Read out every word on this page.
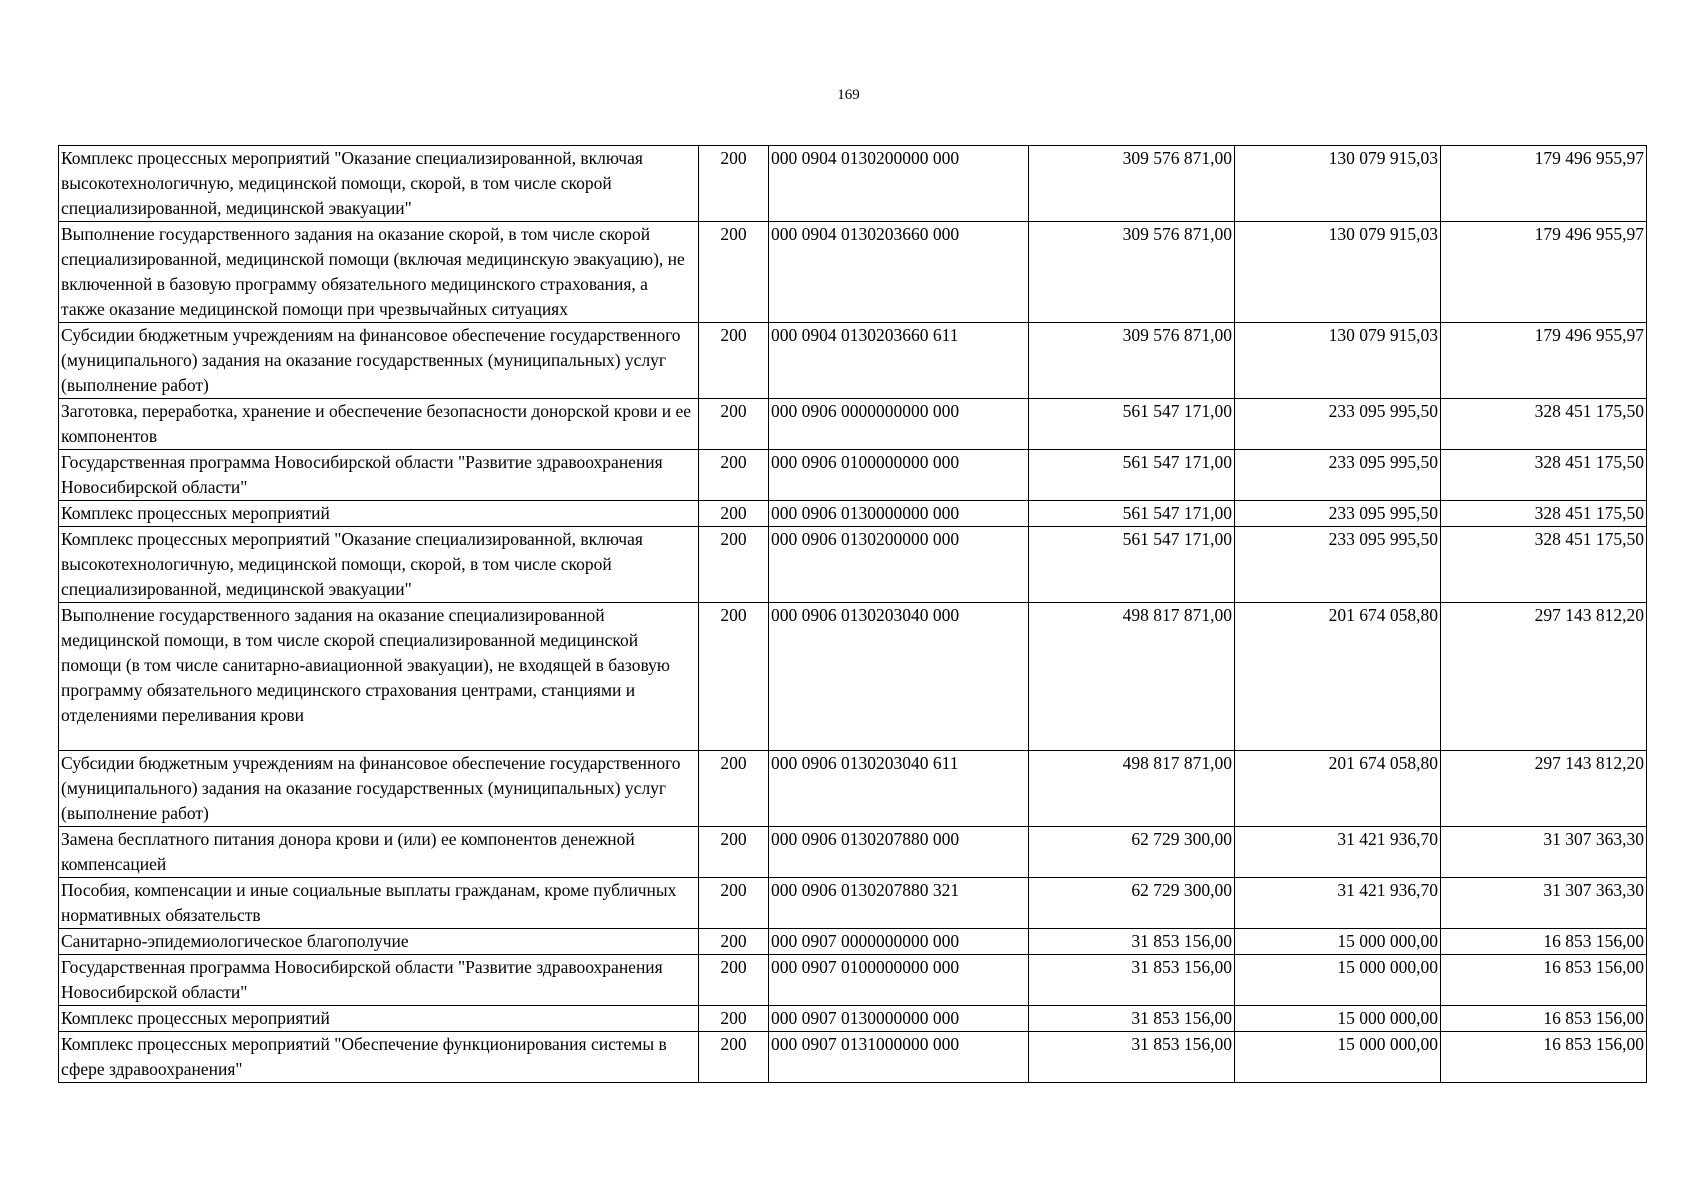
169
Комплекс процессных мероприятий "Оказание специализированной, включая высокотехнологичную, медицинской помощи, скорой, в том числе скорой специализированной, медицинской эвакуации"	200	000 0904 0130200000 000	309 576 871,00	130 079 915,03	179 496 955,97
Выполнение государственного задания на оказание скорой, в том числе скорой специализированной, медицинской помощи (включая медицинскую эвакуацию), не включенной в базовую программу обязательного медицинского страхования, а также оказание медицинской помощи при чрезвычайных ситуациях	200	000 0904 0130203660 000	309 576 871,00	130 079 915,03	179 496 955,97
Субсидии бюджетным учреждениям на финансовое обеспечение государственного (муниципального) задания на оказание государственных (муниципальных) услуг (выполнение работ)	200	000 0904 0130203660 611	309 576 871,00	130 079 915,03	179 496 955,97
Заготовка, переработка, хранение и обеспечение безопасности донорской крови и ее компонентов	200	000 0906 0000000000 000	561 547 171,00	233 095 995,50	328 451 175,50
Государственная программа Новосибирской области "Развитие здравоохранения Новосибирской области"	200	000 0906 0100000000 000	561 547 171,00	233 095 995,50	328 451 175,50
Комплекс процессных мероприятий	200	000 0906 0130000000 000	561 547 171,00	233 095 995,50	328 451 175,50
Комплекс процессных мероприятий "Оказание специализированной, включая высокотехнологичную, медицинской помощи, скорой, в том числе скорой специализированной, медицинской эвакуации"	200	000 0906 0130200000 000	561 547 171,00	233 095 995,50	328 451 175,50
Выполнение государственного задания на оказание специализированной медицинской помощи, в том числе скорой специализированной медицинской помощи (в том числе санитарно-авиационной эвакуации), не входящей в базовую программу обязательного медицинского страхования центрами, станциями и отделениями переливания крови	200	000 0906 0130203040 000	498 817 871,00	201 674 058,80	297 143 812,20
Субсидии бюджетным учреждениям на финансовое обеспечение государственного (муниципального) задания на оказание государственных (муниципальных) услуг (выполнение работ)	200	000 0906 0130203040 611	498 817 871,00	201 674 058,80	297 143 812,20
Замена бесплатного питания донора крови и (или) ее компонентов денежной компенсацией	200	000 0906 0130207880 000	62 729 300,00	31 421 936,70	31 307 363,30
Пособия, компенсации и иные социальные выплаты гражданам, кроме публичных нормативных обязательств	200	000 0906 0130207880 321	62 729 300,00	31 421 936,70	31 307 363,30
Санитарно-эпидемиологическое благополучие	200	000 0907 0000000000 000	31 853 156,00	15 000 000,00	16 853 156,00
Государственная программа Новосибирской области "Развитие здравоохранения Новосибирской области"	200	000 0907 0100000000 000	31 853 156,00	15 000 000,00	16 853 156,00
Комплекс процессных мероприятий	200	000 0907 0130000000 000	31 853 156,00	15 000 000,00	16 853 156,00
Комплекс процессных мероприятий "Обеспечение функционирования системы в сфере здравоохранения"	200	000 0907 0131000000 000	31 853 156,00	15 000 000,00	16 853 156,00
